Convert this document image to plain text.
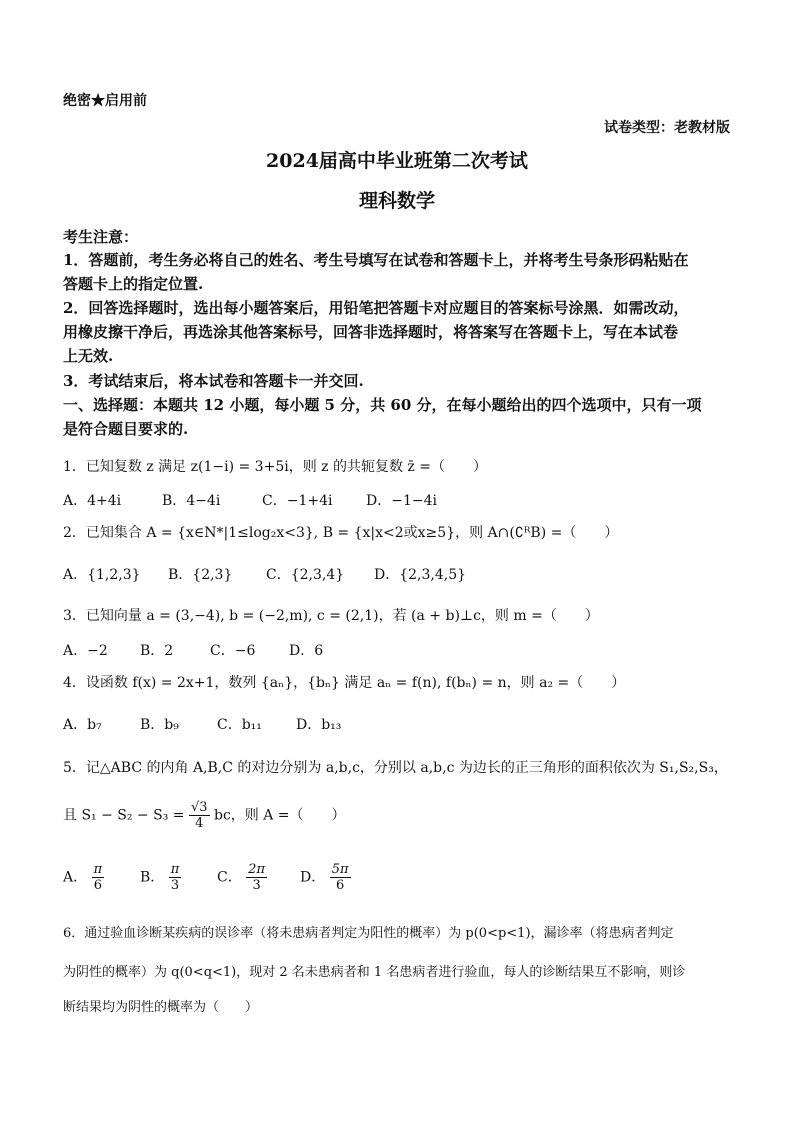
绝密★启用前
试卷类型：老教材版
2024届高中毕业班第二次考试
理科数学
考生注意：
1．答题前，考生务必将自己的姓名、考生号填写在试卷和答题卡上，并将考生号条形码粘贴在
答题卡上的指定位置.
2．回答选择题时，选出每小题答案后，用铅笔把答题卡对应题目的答案标号涂黑．如需改动，
用橡皮擦干净后，再选涂其他答案标号，回答非选择题时，将答案写在答题卡上，写在本试卷
上无效.
3．考试结束后，将本试卷和答题卡一并交回.
一、选择题：本题共 12 小题，每小题 5 分，共 60 分，在每小题给出的四个选项中，只有一项
是符合题目要求的.
1．已知复数 z 满足 z(1−i) = 3+5i，则 z 的共轭复数 z̄ =（　　）
A．4+4i	B．4−4i	C．−1+4i D．−1−4i
2．已知集合 A = {x∈N*|1≤log₂x<3}, B = {x|x<2或x≥5}，则 A∩(∁ᴿB) =（　　）
A．{1,2,3} B．{2,3} C．{2,3,4} D．{2,3,4,5}
3．已知向量 a = (3,−4), b = (−2,m), c = (2,1)，若 (a + b)⊥c，则 m =（　　）
A．−2 B．2	C．−6 D．6
4．设函数 f(x) = 2x+1，数列 {aₙ}，{bₙ} 满足 aₙ = f(n), f(bₙ) = n，则 a₂ =（　　）
A．b₇	B．b₉	C．b₁₁ D．b₁₃
5．记△ABC 的内角 A,B,C 的对边分别为 a,b,c，分别以 a,b,c 为边长的正三角形的面积依次为 S₁,S₂,S₃，
且 $S_1 - S_2 - S_3 = \frac{√3}{4}$ bc，则 A =（　　）
A． $\frac{\pi}{6}$	B． $\frac{\pi}{3}$	C． $\frac{2\pi}{3}$ D． $\frac{5\pi}{6}$
6．通过验血诊断某疾病的误诊率（将未患病者判定为阳性的概率）为 p(0<p<1)，漏诊率（将患病者判定
为阴性的概率）为 q(0<q<1)，现对 2 名未患病者和 1 名患病者进行验血，每人的诊断结果互不影响，则诊
断结果均为阴性的概率为（　　）
